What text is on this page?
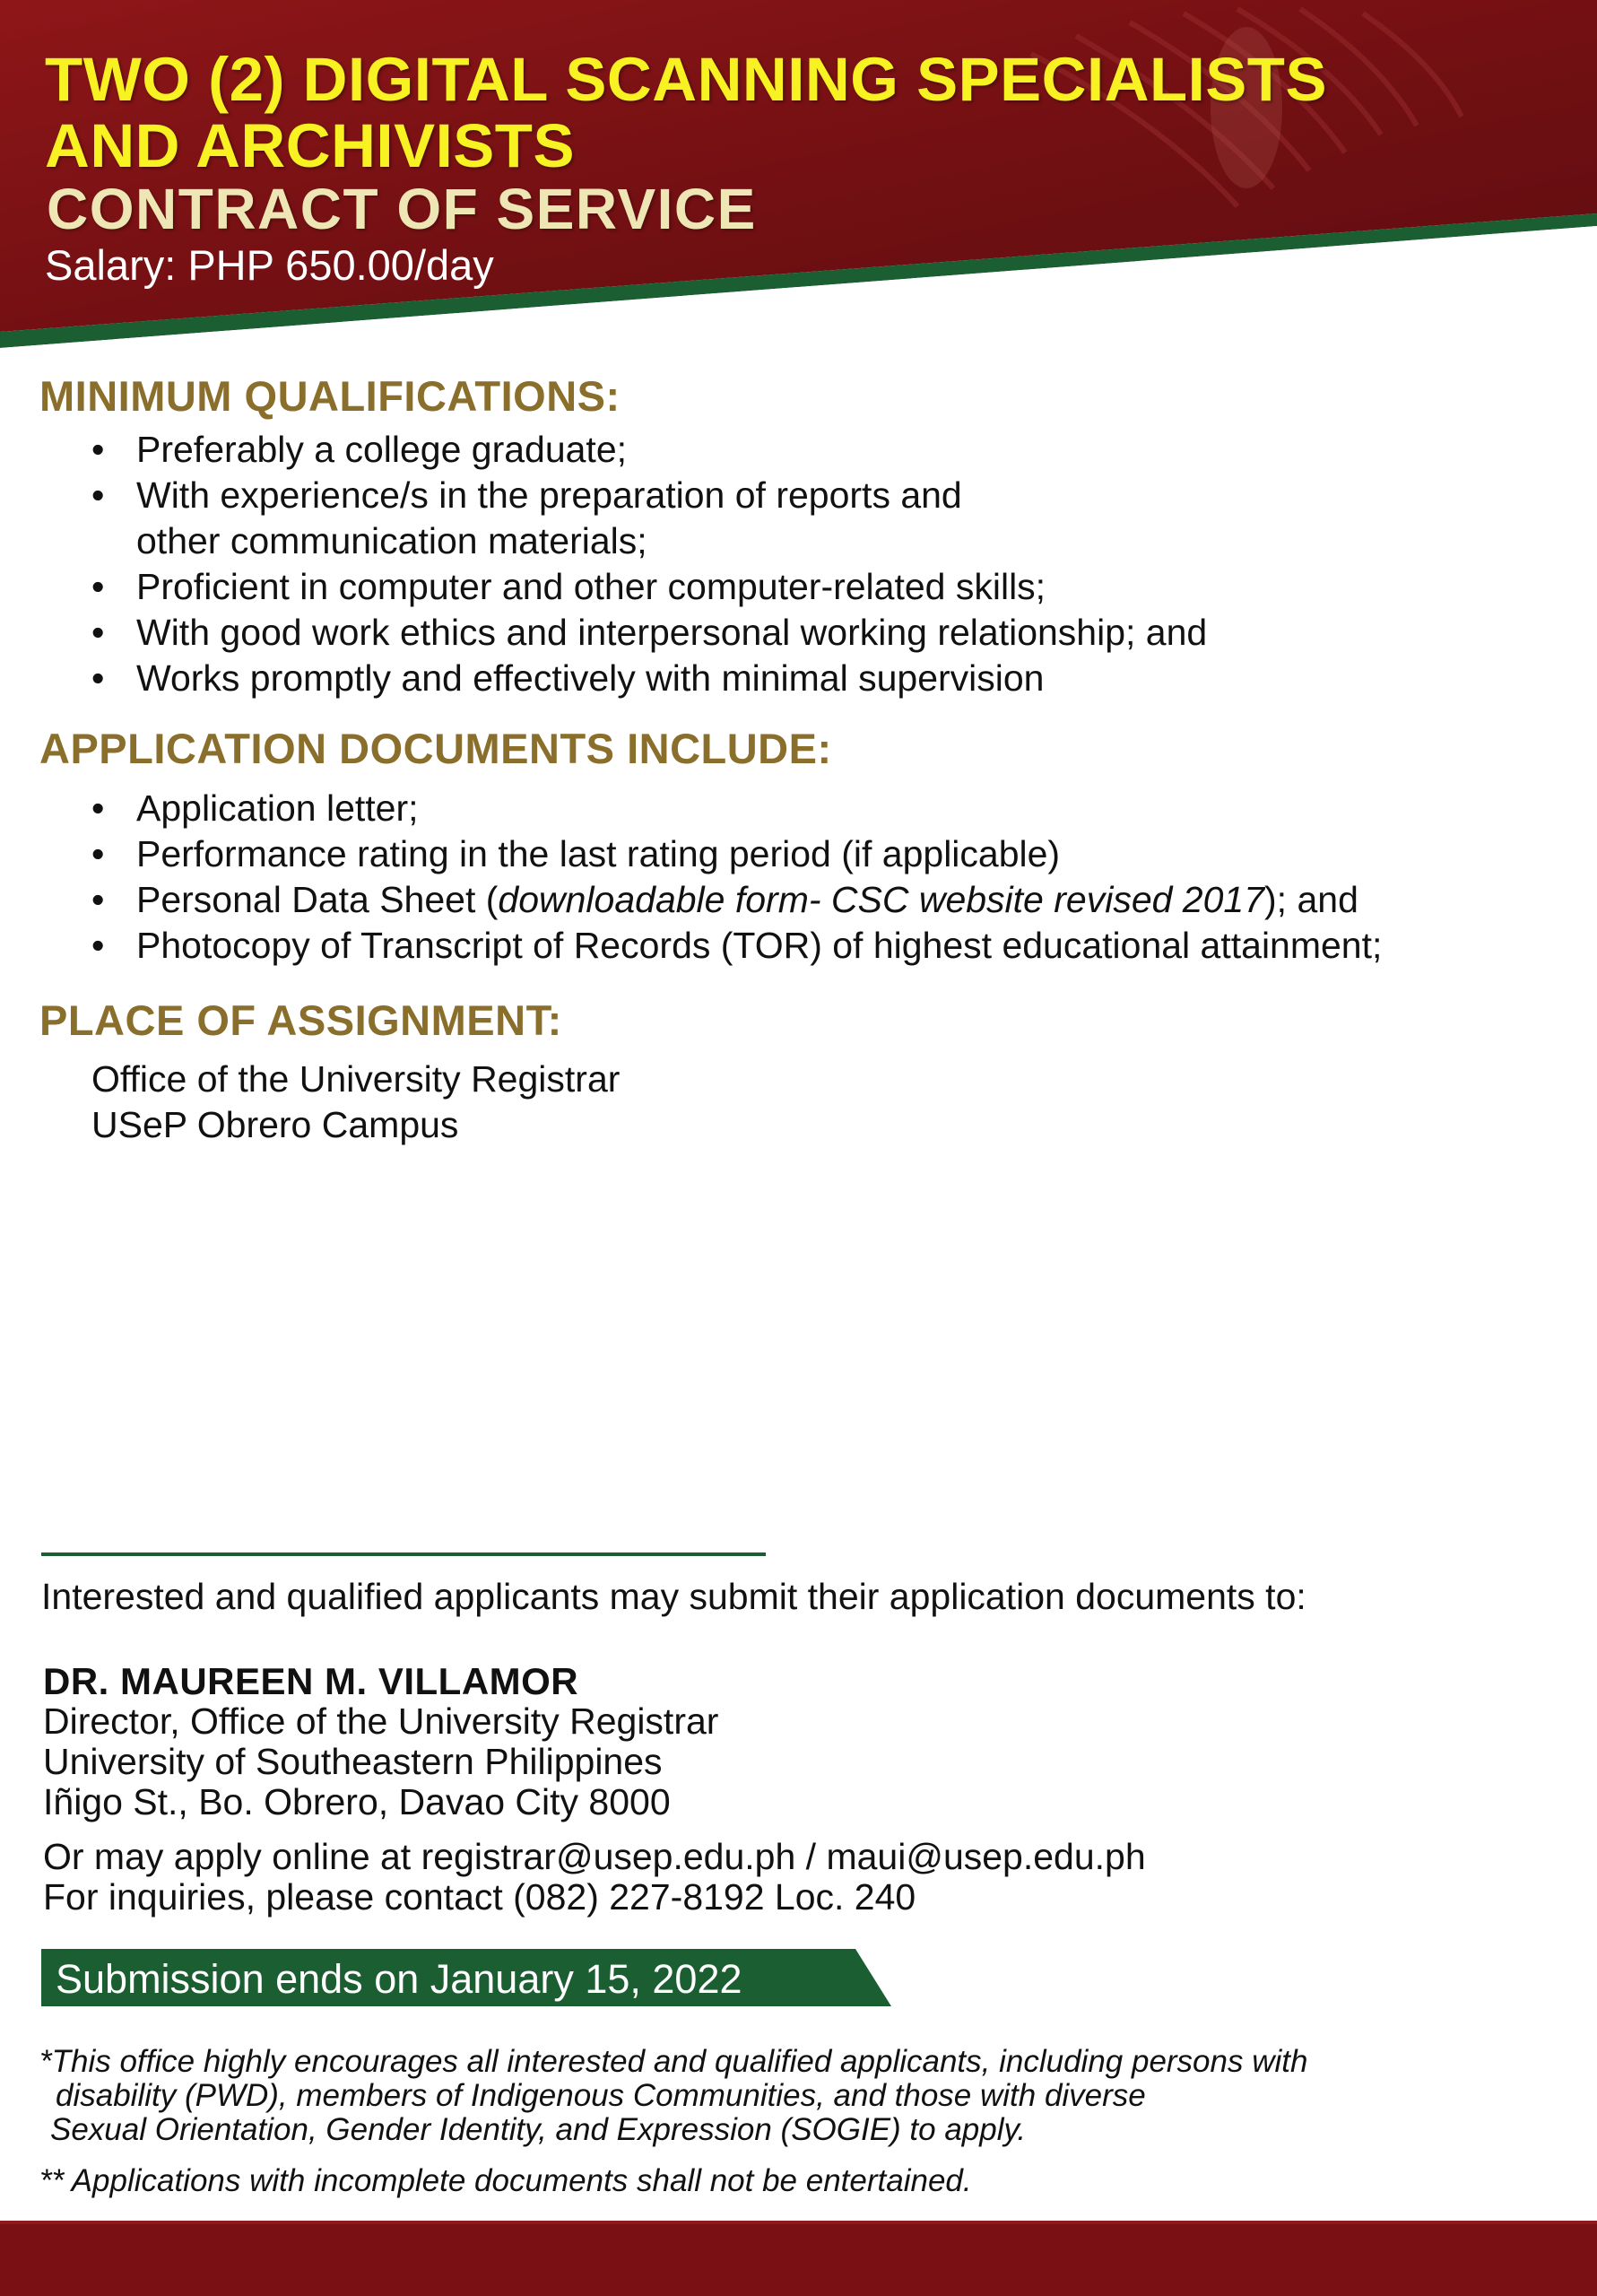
TWO (2) DIGITAL SCANNING SPECIALISTS
AND ARCHIVISTS
CONTRACT OF SERVICE

Salary: PHP 650.00/day

MINIMUM QUALIFICATIONS:
• Preferably a college graduate;
• With experience/s in the preparation of reports and
other communication materials;
• Proficient in computer and other computer-related skills;
• With good work ethics and interpersonal working relationship; and
• Works promptly and effectively with minimal supervision
APPLICATION DOCUMENTS INCLUDE:
• Application letter;
• Performance rating in the last rating period (if applicable)
• Personal Data Sheet (downloadable form- CSC website revised 2017); and
• Photocopy of Transcript of Records (TOR) of highest educational attainment;
PLACE OF ASSIGNMENT:
Office of the University Registrar
USeP Obrero Campus
Interested and qualified applicants may submit their application documents to:
DR. MAUREEN M. VILLAMOR
Director, Office of the University Registrar
University of Southeastern Philippines
Iñigo St., Bo. Obrero, Davao City 8000
Or may apply online at registrar@usep.edu.ph / maui@usep.edu.ph
For inquiries, please contact (082) 227-8192 Loc. 240
Submission ends on January 15, 2022
*This office highly encourages all interested and qualified applicants, including persons with
disability (PWD), members of Indigenous Communities, and those with diverse
Sexual Orientation, Gender Identity, and Expression (SOGIE) to apply.
** Applications with incomplete documents shall not be entertained.
